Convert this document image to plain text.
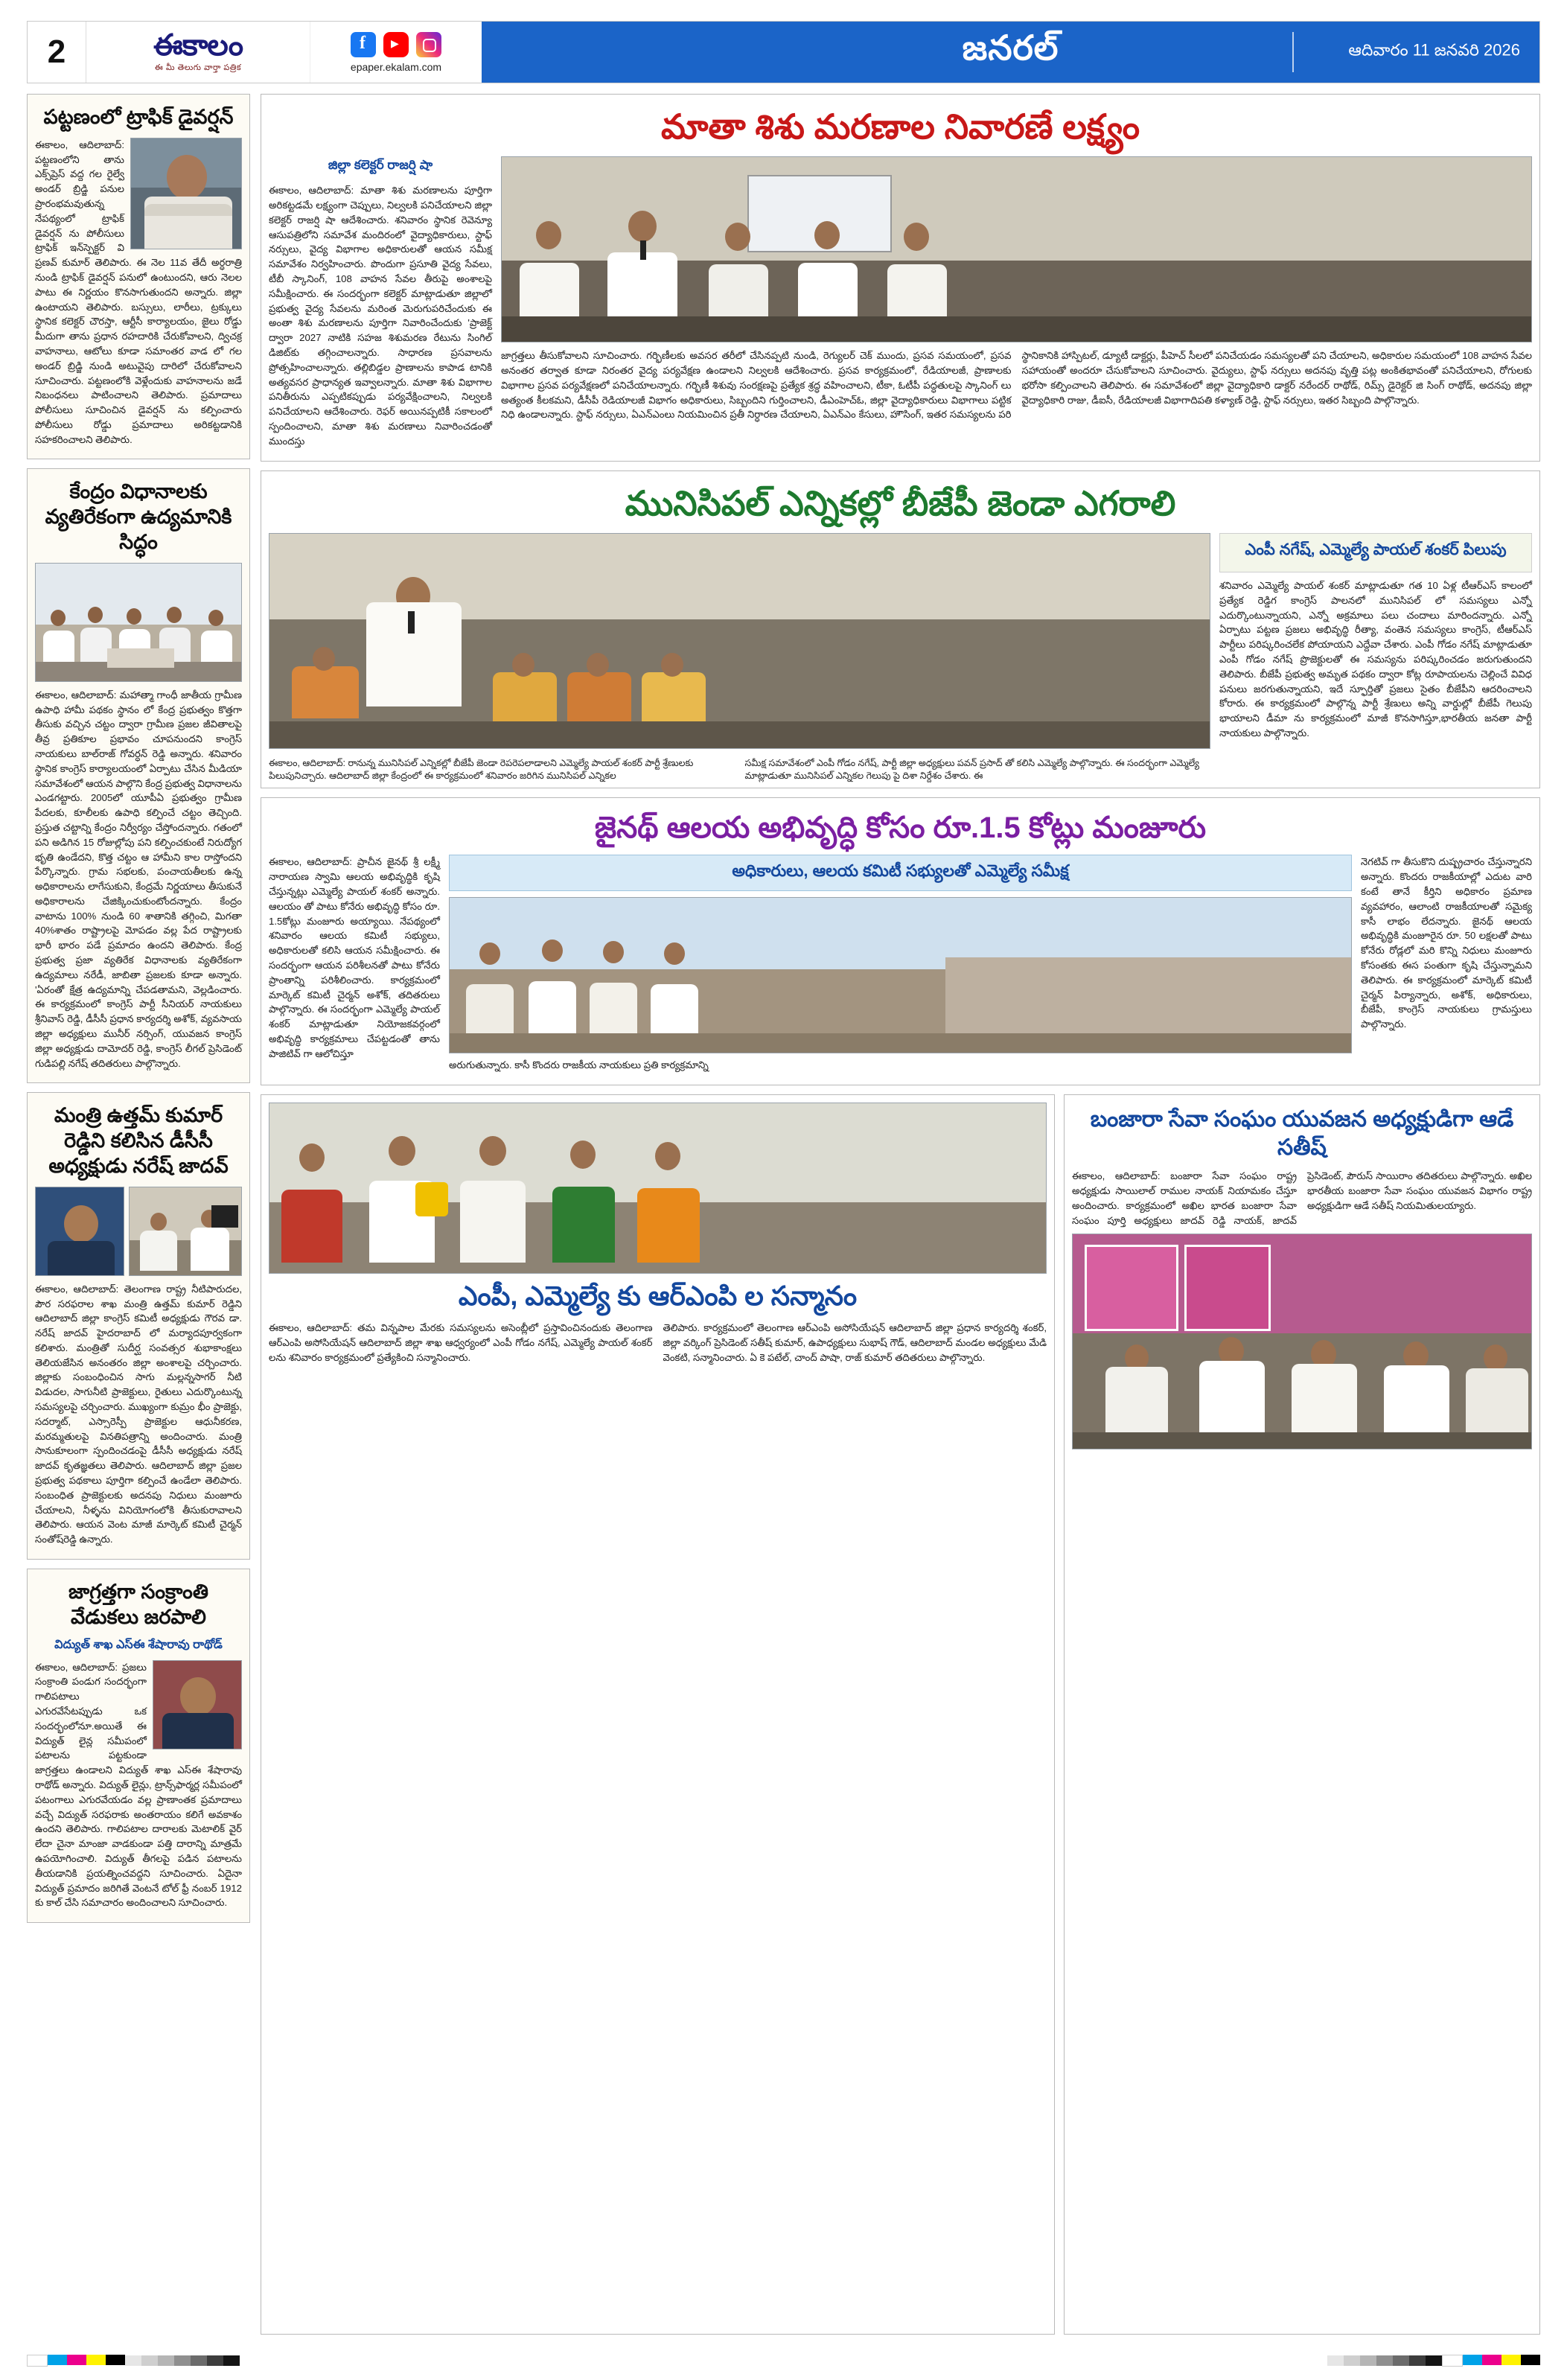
2	ఈకాలం
ఈ మీ తెలుగు వార్తా పత్రిక
f
▶	epaper.ekalam.com	జనరల్	ఆదివారం 11 జనవరి 2026
పట్టణంలో ట్రాఫిక్ డైవర్షన్

ఈకాలం, ఆదిలాబాద్: పట్టణంలోని తాను ఎక్స్‌ప్రెస్ వద్ద గల రైల్వే అండర్ బ్రిడ్జి పనుల ప్రారంభమవుతున్న నేపథ్యంలో ట్రాఫిక్ డైవర్షన్ ను పోలీసులు ట్రాఫిక్ ఇన్‌స్పెక్టర్ వి ప్రణవ్ కుమార్ తెలిపారు. ఈ నెల 11వ తేదీ అర్ధరాత్రి నుండి ట్రాఫిక్ డైవర్షన్ పనులో ఉంటుందని, ఆరు నెలల పాటు ఈ నిర్ణయం కొనసాగుతుందని అన్నారు. జిల్లా ఉంటాయని తెలిపారు. బస్సులు, లారీలు, ట్రక్కులు స్థానిక కలెక్టర్ చౌరస్తా, ఆర్టీసీ కార్యాలయం, జైలు రోడ్డు మీదుగా తాను ప్రధాన రహదారికి చేరుకోవాలని, ద్విచక్ర వాహనాలు, ఆటోలు కూడా సమాంతర వాడ లో గల అండర్ బ్రిడ్జి నుండి అటువైపు దారిలో చేరుకోవాలని సూచించారు. పట్టణంలోకి వెళ్లేందుకు వాహనాలను జడే నిబంధనలు పాటించాలని తెలిపారు. ప్రమాదాలు పోలీసులు సూచించిన డైవర్షన్ ను కల్పించారు పోలీసులు రోడ్డు ప్రమాదాలు అరికట్టడానికి సహకరించాలని తెలిపారు.

కేంద్రం విధానాలకు వ్యతిరేకంగా ఉద్యమానికి సిద్ధం

ఈకాలం, ఆదిలాబాద్: మహాత్మా గాంధీ జాతీయ గ్రామీణ ఉపాధి హామీ పథకం స్థానం లో కేంద్ర ప్రభుత్వం కొత్తగా తీసుకు వచ్చిన చట్టం ద్వారా గ్రామీణ ప్రజల జీవితాలపై తీవ్ర ప్రతికూల ప్రభావం చూపనుందని కాంగ్రెస్ నాయకులు బాల్‌రాజ్ గోవర్ధన్ రెడ్డి అన్నారు. శనివారం స్థానిక కాంగ్రెస్ కార్యాలయంలో ఏర్పాటు చేసిన మీడియా సమావేశంలో ఆయన పాల్గొని కేంద్ర ప్రభుత్వ విధానాలను ఎండగట్టారు. 2005లో యూపీఏ ప్రభుత్వం గ్రామీణ పేదలకు, కూలీలకు ఉపాధి కల్పించే చట్టం తెచ్చింది. ప్రస్తుత చట్టాన్ని కేంద్రం నిర్వీర్యం చేస్తోందన్నారు. గతంలో పని అడిగిన 15 రోజుల్లోపు పని కల్పించకుంటే నిరుద్యోగ భృతి ఉండేదని, కొత్త చట్టం ఆ హామీని కాల రాస్తోందని పేర్కొన్నారు. గ్రామ సభలకు, పంచాయతీలకు ఉన్న అధికారాలను లాగేసుకుని, కేంద్రమే నిర్ణయాలు తీసుకునే అధికారాలను చేజిక్కించుకుంటోందన్నారు. కేంద్రం వాటాను 100% నుండి 60 శాతానికి తగ్గించి, మిగతా 40%శాతం రాష్ట్రాలపై మోపడం వల్ల పేద రాష్ట్రాలకు భారీ భారం పడే ప్రమాదం ఉందని తెలిపారు. కేంద్ర ప్రభుత్వ ప్రజా వ్యతిరేక విధానాలకు వ్యతిరేకంగా ఉద్యమాలు నరేడీ, జాబితా ప్రజలకు కూడా అన్నారు. 'ఏరంతో క్షేత్ర ఉద్యమాన్ని చేపడతామని, వెల్లడించారు. ఈ కార్యక్రమంలో కాంగ్రెస్ పార్టీ సీనియర్ నాయకులు శ్రీనివాస్ రెడ్డి, డీసీసీ ప్రధాన కార్యదర్శి అశోక్, వ్యవసాయ జిల్లా అధ్యక్షులు మునీర్ నర్సింగ్, యువజన కాంగ్రెస్ జిల్లా అధ్యక్షుడు దామోదర్ రెడ్డి, కాంగ్రెస్ లీగల్ ప్రెసిడెంట్ గుడిపల్లి నగేష్ తదితరులు పాల్గొన్నారు.

మంత్రి ఉత్తమ్ కుమార్ రెడ్డిని కలిసిన డీసీసీ అధ్యక్షుడు నరేష్ జాదవ్

ఈకాలం, ఆదిలాబాద్: తెలంగాణ రాష్ట్ర నీటిపారుదల, పౌర సరఫరాల శాఖ మంత్రి ఉత్తమ్ కుమార్ రెడ్డిని ఆదిలాబాద్ జిల్లా కాంగ్రెస్ కమిటీ అధ్యక్షుడు గౌరవ డా. నరేష్ జాదవ్ హైదరాబాద్ లో మర్యాదపూర్వకంగా కలిశారు. మంత్రితో సుదీర్ఘ సంవత్సర శుభాకాంక్షలు తెలియజేసిన అనంతరం జిల్లా అంశాలపై చర్చించారు. జిల్లాకు సంబంధించిన సాగు మల్లన్నసాగర్ నీటి విడుదల, సాగునీటి ప్రాజెక్టులు, రైతులు ఎదుర్కొంటున్న సమస్యలపై చర్చించారు. ముఖ్యంగా కుమ్రం భీం ప్రాజెక్టు, సదర్మాట్, ఎస్సారెస్పీ ప్రాజెక్టుల ఆధునీకరణ, మరమ్మతులపై వినతిపత్రాన్ని అందించారు. మంత్రి సానుకూలంగా స్పందించడంపై డీసీసీ అధ్యక్షుడు నరేష్ జాదవ్ కృతజ్ఞతలు తెలిపారు. ఆదిలాబాద్ జిల్లా ప్రజల ప్రభుత్వ పథకాలు పూర్తిగా కల్పించే ఉండేలా తెలిపారు. సంబంధిత ప్రాజెక్టులకు అదనపు నిధులు మంజూరు చేయాలని, నీళ్ళను వినియోగంలోకి తీసుకురావాలని తెలిపారు. ఆయన వెంట మాజీ మార్కెట్ కమిటీ చైర్మన్ సంతోష్‌రెడ్డి ఉన్నారు.

జాగ్రత్తగా సంక్రాంతి వేడుకలు జరపాలి
విద్యుత్ శాఖ ఎస్ఈ శేషారావు రాథోడ్

ఈకాలం, ఆదిలాబాద్: ప్రజలు సంక్రాంతి పండుగ సందర్భంగా గాలిపటాలు ఎగురవేసేటప్పుడు ఒక సందర్భంలోనూ.అయితే ఈ విద్యుత్ లైన్ల సమీపంలో పటాలను పట్టకుండా జాగ్రత్తలు ఉండాలని విద్యుత్ శాఖ ఎస్ఈ శేషారావు రాథోడ్ అన్నారు. విద్యుత్ లైన్లు, ట్రాన్స్‌ఫార్మర్ల సమీపంలో పటంగాలు ఎగురవేయడం వల్ల ప్రాణాంతక ప్రమాదాలు వచ్చే విద్యుత్ సరఫరాకు అంతరాయం కలిగే అవకాశం ఉందని తెలిపారు. గాలిపటాల దారాలకు మెటాలిక్ వైర్ లేదా చైనా మాంజా వాడకుండా పత్తి దారాన్ని మాత్రమే ఉపయోగించాలి. విద్యుత్ తీగలపై పడిన పటాలను తీయడానికి ప్రయత్నించవద్దని సూచించారు. ఏదైనా విద్యుత్ ప్రమాదం జరిగితే వెంటనే టోల్ ఫ్రీ నంబర్ 1912 కు కాల్ చేసి సమాచారం అందించాలని సూచించారు.

మాతా శిశు మరణాల నివారణే లక్ష్యం
జిల్లా కలెక్టర్ రాజర్షి షా

ఈకాలం, ఆదిలాబాద్: మాతా శిశు మరణాలను పూర్తిగా అరికట్టడమే లక్ష్యంగా చెప్పులు, నిల్వలకి పనిచేయాలని జిల్లా కలెక్టర్ రాజర్షి షా ఆదేశించారు. శనివారం స్థానిక రెవెన్యూ ఆసుపత్రిలోని సమావేశ మందిరంలో వైద్యాధికారులు, స్టాఫ్ నర్సులు, వైద్య విభాగాల అధికారులతో ఆయన సమీక్ష సమావేశం నిర్వహించారు. పొందుగా ప్రసూతి వైద్య సేవలు, టీబీ స్కానింగ్, 108 వాహన సేవల తీరుపై అంశాలపై సమీక్షించారు. ఈ సందర్భంగా కలెక్టర్ మాట్లాడుతూ జిల్లాలో ప్రభుత్వ వైద్య సేవలను మరింత మెరుగుపరిచేందుకు ఈ అంతా శిశు మరణాలను పూర్తిగా నివారించేందుకు 'ప్రాజెక్ట్ ద్వారా 2027 నాటికి సహజ శిశుమరణ రేటును సింగిల్ డిజిట్‌కు తగ్గించాలన్నారు. సాధారణ ప్రసవాలను ప్రోత్సహించాలన్నారు. తల్లిబిడ్డల ప్రాణాలను కాపాడ టానికి అత్యవసర ప్రాధాన్యత ఇవ్వాలన్నారు. మాతా శిశు విభాగాల పనితీరును ఎప్పటికప్పుడు పర్యవేక్షించాలని, నిల్వలకి పనిచేయాలని ఆదేశించారు. రెఫర్ అయినప్పటికీ సకాలంలో స్పందించాలని, మాతా శిశు మరణాలు నివారించడంతో ముందస్తు

జాగ్రత్తలు తీసుకోవాలని సూచించారు. గర్భిణీలకు అవసర తరీలో చేసినప్పటి నుండి, రెగ్యులర్ చెక్ ముందు, ప్రసవ సమయంలో, ప్రసవ అనంతర తర్వాత కూడా నిరంతర వైద్య పర్యవేక్షణ ఉండాలని నిల్వలకి ఆదేశించారు. ప్రసవ కార్యక్రమంలో, రేడియాలజీ, ప్రాణాలకు విభాగాల ప్రసవ పర్యవేక్షణలో పనిచేయాలన్నారు. గర్భిణీ శిశువు సంరక్షణపై ప్రత్యేక శ్రద్ధ వహించాలని, టీకా, ఓటీపీ పద్ధతులపై స్కానింగ్ లు అత్యంత కీలకమని, డీసీపీ రెడియాలజీ విభాగం అధికారులు, సిబ్బందిని గుర్తించాలని, డీఎంహెచ్‌ఓ, జిల్లా వైద్యాధికారులు విభాగాలు పట్టిక నిధి ఉండాలన్నారు. స్టాఫ్ నర్సులు, ఏఎన్ఎంలు నియమించిన ప్రతీ నిర్ధారణ చేయాలని, ఏఎన్ఎం కేసులు, హౌసింగ్, ఇతర సమస్యలను పరి స్థానికానికి హాస్పిటల్, డ్యూటీ డాక్టర్లు, పీహెచ్ సీలలో పనిచేయడం సమస్యలతో పని చేయాలని, అధికారుల సమయంలో 108 వాహన సేవల సహాయంతో అందరూ చేసుకోవాలని సూచించారు. వైద్యులు, స్టాఫ్ నర్సులు అదనపు వృత్తి పట్ల అంకితభావంతో పనిచేయాలని, రోగులకు భరోసా కల్పించాలని తెలిపారు. ఈ సమావేశంలో జిల్లా వైద్యాధికారి డాక్టర్ నరేందర్ రాథోడ్, రిమ్స్ డైరెక్టర్ జి సింగ్ రాథోడ్, అదనపు జిల్లా వైద్యాధికారి రాజు, డీఐసీ, రేడియాలజీ విభాగాదిపతి కళ్యాణ్ రెడ్డి, స్టాఫ్ నర్సులు, ఇతర సిబ్బంది పాల్గొన్నారు.

మునిసిపల్ ఎన్నికల్లో బీజేపీ జెండా ఎగరాలి
ఈకాలం, ఆదిలాబాద్: రానున్న మునిసిపల్ ఎన్నికల్లో బీజేపీ జెండా రెపరెపలాడాలని ఎమ్మెల్యే పాయల్ శంకర్ పార్టీ శ్రేణులకు పిలుపునిచ్చారు. ఆదిలాబాద్ జిల్లా కేంద్రంలో ఈ కార్యక్రమంలో శనివారం జరిగిన మునిసిపల్ ఎన్నికల
సమీక్ష సమావేశంలో ఎంపీ గోడం నగేష్, పార్టీ జిల్లా అధ్యక్షులు పవన్ ప్రసాద్ తో కలిసి ఎమ్మెల్యే పాల్గొన్నారు. ఈ సందర్భంగా ఎమ్మెల్యే మాట్లాడుతూ మునిసిపల్ ఎన్నికల గెలుపు పై దిశా నిర్దేశం చేశారు. ఈ
ఎంపీ నగేష్, ఎమ్మెల్యే పాయల్ శంకర్ పిలుపు

శనివారం ఎమ్మెల్యే పాయల్ శంకర్ మాట్లాడుతూ గత 10 ఏళ్ల టీఆర్ఎస్ కాలంలో ప్రత్యేక రెడ్డిగ కాంగ్రెస్ పాలనలో మునిసిపల్ లో సమస్యలు ఎన్నో ఎదుర్కొంటున్నాయని, ఎన్నో అక్రమాలు పలు చందాలు మారిందన్నారు. ఎన్నో ఏర్పాటు పట్టణ ప్రజలు అభివృద్ధి రీత్యా, వంతెన సమస్యలు కాంగ్రెస్, టీఆర్ఎస్ పార్టీలు పరిష్కరించలేక పోయాయని ఎద్దేవా చేశారు. ఎంపీ గోడం నగేష్ మాట్లాడుతూ ఎంపీ గోడం నగేష్ ప్రొజెక్టులతో ఈ సమస్యను పరిష్కరించడం జరుగుతుందని తెలిపారు. బీజేపీ ప్రభుత్వ అమృత పథకం ద్వారా కోట్ల రూపాయలను చెల్లించే వివిధ పనులు జరగుతున్నాయని, ఇదే స్ఫూర్తితో ప్రజలు సైతం బీజేపీని ఆదరించాలని కోరారు. ఈ కార్యక్రమంలో పాల్గొన్న పార్టీ శ్రేణులు అన్ని వార్డుల్లో బీజేపీ గెలుపు భాయాలని డీమా ను కార్యక్రమంలో మాజీ కొనసాగిస్తూ,భారతీయ జనతా పార్టీ నాయకులు పాల్గొన్నారు.

జైనథ్ ఆలయ అభివృద్ధి కోసం రూ.1.5 కోట్లు మంజూరు

ఈకాలం, ఆదిలాబాద్: ప్రాచీన జైనథ్ శ్రీ లక్ష్మీ నారాయణ స్వామి ఆలయ అభివృద్ధికి కృషి చేస్తున్నట్లు ఎమ్మెల్యే పాయల్ శంకర్ అన్నారు. ఆలయం తో పాటు కోనేరు అభివృద్ధి కోసం రూ. 1.5కోట్లు మంజూరు అయ్యాయి. నేపథ్యంలో శనివారం ఆలయ కమిటీ సభ్యులు, అధికారులతో కలిసి ఆయన సమీక్షించారు. ఈ సందర్భంగా ఆయన పరిశీలనతో పాటు కోనేరు ప్రాంతాన్ని పరిశీలించారు. కార్యక్రమంలో మార్కెట్ కమిటీ చైర్మన్ అశోక్, తదితరులు పాల్గొన్నారు. ఈ సందర్భంగా ఎమ్మెల్యే పాయల్ శంకర్ మాట్లాడుతూ నియోజకవర్గంలో అభివృద్ధి కార్యక్రమాలు చేపట్టడంతో తాను పాజిటివ్ గా ఆలోచిస్తూ

అధికారులు, ఆలయ కమిటీ సభ్యులతో ఎమ్మెల్యే సమీక్ష

అరుగుతున్నారు. కాసీ కొందరు రాజకీయ నాయకులు ప్రతి కార్యక్రమాన్ని

నెగటివ్ గా తీసుకొని దుష్ప్రచారం చేస్తున్నారని అన్నారు. కొందరు రాజకీయాల్లో ఎదుట వారి కంటే తానే కీర్తిని అధికారం ప్రమాణ వ్యవహారం, ఆలాంటి రాజకీయాలతో సమైక్య కాసీ లాభం లేదన్నారు. జైనథ్ ఆలయ అభివృద్ధికి మంజూరైన రూ. 50 లక్షలతో పాటు కోనేరు రోడ్లలో మరి కొన్ని నిధులు మంజూరు కోసంతకు ఈస పంతుగా కృషి చేస్తున్నామని తెలిపారు. ఈ కార్యక్రమంలో మార్కెట్ కమిటీ చైర్మన్ పిర్యాన్నారు, అశోక్, అధికారులు, బీజేపీ, కాంగ్రెస్ నాయకులు గ్రామస్తులు పాల్గొన్నారు.

ఎంపీ, ఎమ్మెల్యే కు ఆర్ఎంపి ల సన్మానం

ఈకాలం, ఆదిలాబాద్: తమ విన్నపాల మేరకు సమస్యలను అసెంబ్లీలో ప్రస్తావించినందుకు తెలంగాణ ఆర్ఎంపి అసోసియేషన్ ఆదిలాబాద్ జిల్లా శాఖ ఆధ్వర్యంలో ఎంపీ గోడం నగేష్, ఎమ్మెల్యే పాయల్ శంకర్ లను శనివారం కార్యక్రమంలో ప్రత్యేకించి సన్మానించారు.

తెలిపారు. కార్యక్రమంలో తెలంగాణ ఆర్ఎంపి అసోసియేషన్ ఆదిలాబాద్ జిల్లా ప్రధాన కార్యదర్శి శంకర్, జిల్లా వర్కింగ్ ప్రెసిడెంట్ సతీష్ కుమార్, ఉపాధ్యక్షులు సుభాష్ గౌడ్, ఆదిలాబాద్ మండల అధ్యక్షులు మేడి వెంకటి, సన్మానించారు. ఏ కె పటేల్, చాంద్ పాషా, రాజ్ కుమార్ తదితరులు పాల్గొన్నారు.

బంజారా సేవా సంఘం యువజన అధ్యక్షుడిగా ఆడే సతీష్

ఈకాలం, ఆదిలాబాద్: బంజారా సేవా సంఘం రాష్ట్ర అధ్యక్షుడు సాయిలాల్ రాముల నాయక్ నియామకం చేస్తూ అందించారు. కార్యక్రమంలో అఖిల భారత బంజారా సేవా సంఘం పూర్తి అధ్యక్షులు జాదవ్ రెడ్డి నాయక్, జాదవ్ ప్రెసిడెంట్, పౌరుస్ సాయిరాం తదితరులు పాల్గొన్నారు. అఖిల భారతీయ బంజారా సేవా సంఘం యువజన విభాగం రాష్ట్ర అధ్యక్షుడిగా ఆడే సతీష్ నియమితులయ్యారు.
